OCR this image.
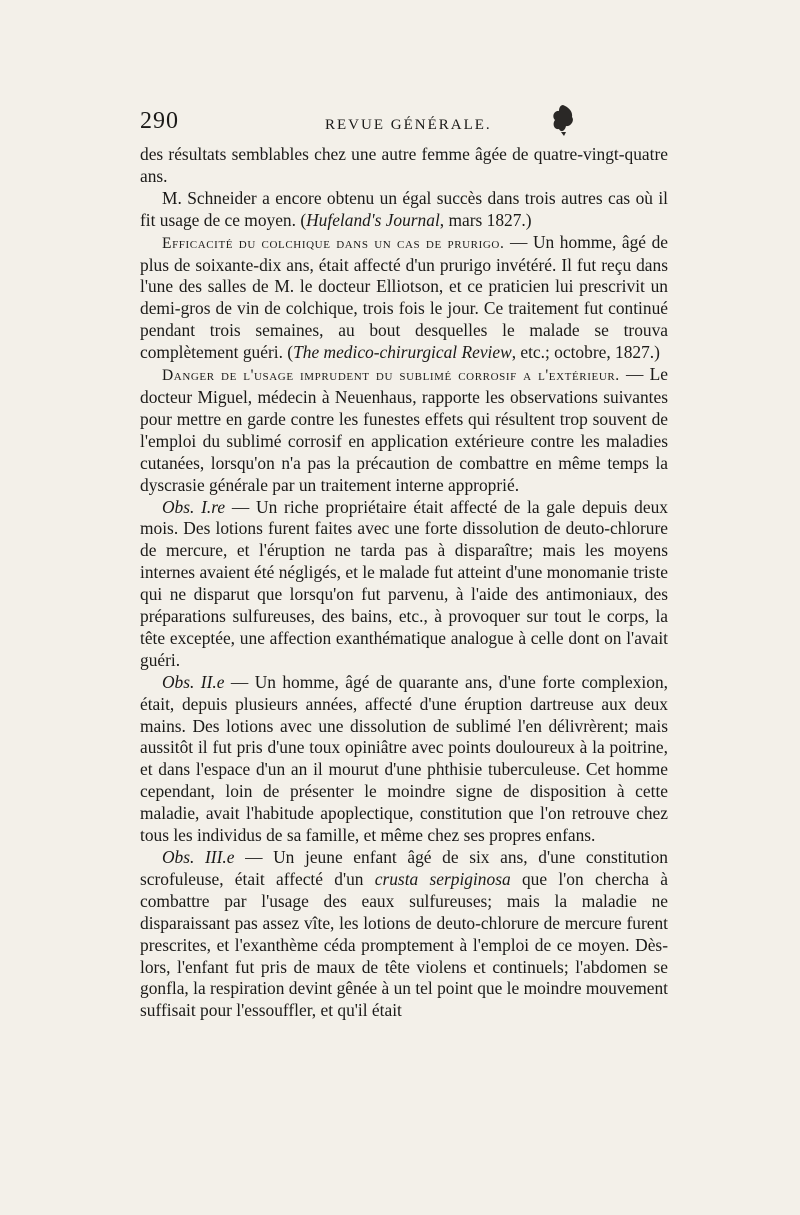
290	REVUE GÉNÉRALE.

des résultats semblables chez une autre femme âgée de quatre-vingt-quatre ans.

M. Schneider a encore obtenu un égal succès dans trois autres cas où il fit usage de ce moyen. (Hufeland's Journal, mars 1827.)

Efficacité du colchique dans un cas de prurigo. — Un homme, âgé de plus de soixante-dix ans, était affecté d'un prurigo invétéré. Il fut reçu dans l'une des salles de M. le docteur Elliotson, et ce praticien lui prescrivit un demi-gros de vin de colchique, trois fois le jour. Ce traitement fut continué pendant trois semaines, au bout desquelles le malade se trouva complètement guéri. (The medico-chirurgical Review, etc.; octobre, 1827.)

Danger de l'usage imprudent du sublimé corrosif a l'extérieur. — Le docteur Miguel, médecin à Neuenhaus, rapporte les observations suivantes pour mettre en garde contre les funestes effets qui résultent trop souvent de l'emploi du sublimé corrosif en application extérieure contre les maladies cutanées, lorsqu'on n'a pas la précaution de combattre en même temps la dyscrasie générale par un traitement interne approprié.

Obs. I.re — Un riche propriétaire était affecté de la gale depuis deux mois. Des lotions furent faites avec une forte dissolution de deuto-chlorure de mercure, et l'éruption ne tarda pas à disparaître; mais les moyens internes avaient été négligés, et le malade fut atteint d'une monomanie triste qui ne disparut que lorsqu'on fut parvenu, à l'aide des antimoniaux, des préparations sulfureuses, des bains, etc., à provoquer sur tout le corps, la tête exceptée, une affection exanthématique analogue à celle dont on l'avait guéri.

Obs. II.e — Un homme, âgé de quarante ans, d'une forte complexion, était, depuis plusieurs années, affecté d'une éruption dartreuse aux deux mains. Des lotions avec une dissolution de sublimé l'en délivrèrent; mais aussitôt il fut pris d'une toux opiniâtre avec points douloureux à la poitrine, et dans l'espace d'un an il mourut d'une phthisie tuberculeuse. Cet homme cependant, loin de présenter le moindre signe de disposition à cette maladie, avait l'habitude apoplectique, constitution que l'on retrouve chez tous les individus de sa famille, et même chez ses propres enfans.

Obs. III.e — Un jeune enfant âgé de six ans, d'une constitution scrofuleuse, était affecté d'un crusta serpiginosa que l'on chercha à combattre par l'usage des eaux sulfureuses; mais la maladie ne disparaissant pas assez vîte, les lotions de deuto-chlorure de mercure furent prescrites, et l'exanthème céda promptement à l'emploi de ce moyen. Dès-lors, l'enfant fut pris de maux de tête violens et continuels; l'abdomen se gonfla, la respiration devint gênée à un tel point que le moindre mouvement suffisait pour l'essouffler, et qu'il était
